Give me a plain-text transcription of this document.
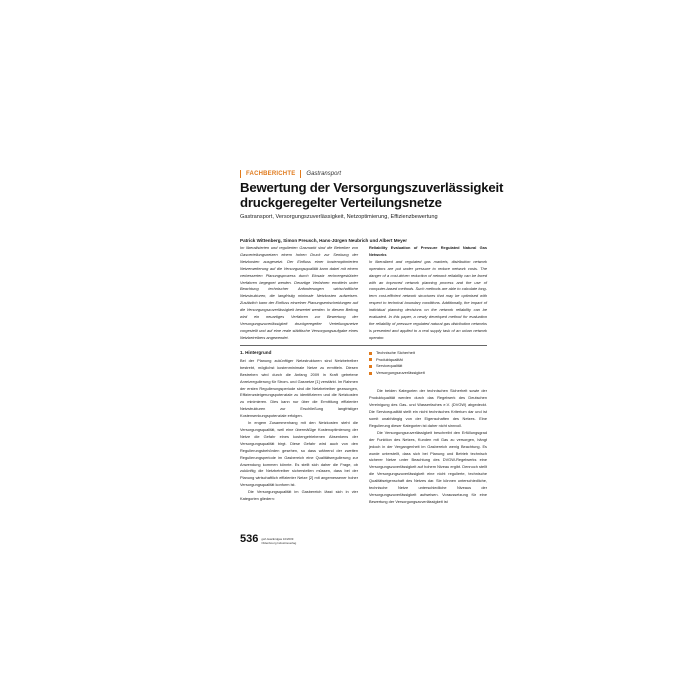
FACHBERICHTE Gastransport
Bewertung der Versorgungszuverlässigkeit druckgeregelter Verteilungsnetze
Gastransport, Versorgungszuverlässigkeit, Netzoptimierung, Effizienzbewertung
Patrick Wittenberg, Simon Preusch, Hans-Jürgen Neubrich und Albert Meyer
Im liberalisierten und regulierten Gasmarkt sind die Betreiber von Gasverteilungsnetzen einem hohen Druck zur Senkung der Netzkosten ausgesetzt. Der Einfluss einer kostenoptimierten Netzerweiterung auf die Versorgungsqualität kann dabei mit einem verbesserten Planungsprozess durch Einsatz rechnergestützter Verfahren begegnet werden. Derartige Verfahren ermitteln unter Beachtung technischer Anforderungen wirtschaftliche Netzstrukturen, die langfristig minimale Netzkosten aufweisen. Zusätzlich kann der Einfluss einzelner Planungsentscheidungen auf die Versorgungszuverlässigkeit bewertet werden. In diesem Beitrag wird ein neuartiges Verfahren zur Bewertung der Versorgungszuverlässigkeit druckgeregelter Verteilungsnetze vorgestellt und auf eine reale städtische Versorgungsaufgabe eines Netzbetreibers angewendet.
Reliability Evaluation of Pressure Regulated Natural Gas Networks
In liberalized and regulated gas markets, distribution network operators are put under pressure to reduce network costs. The danger of a cost-driven reduction of network reliability can be faced with an improved network planning process and the use of computer-based methods. Such methods are able to calculate long-term cost-efficient network structures that may be optimised with respect to technical boundary conditions. Additionally, the impact of individual planning decisions on the network reliability can be evaluated. In this paper, a newly developed method for evaluation the reliability of pressure regulated natural gas distribution networks is presented and applied to a real supply task of an urban network operator.
1. Hintergrund

Bei der Planung zukünftiger Netzstrukturen sind Netzbetreiber bestrebt, möglichst kostenminimale Netze zu ermitteln. Diesen Bestreben wird durch die Anfang 2009 in Kraft getretene Anreizregulierung für Strom- und Gasnetze [1] verstärkt. Im Rahmen der ersten Regulierungsperiode sind die Netzbetreiber gezwungen, Effizienzsteigerungspotenziale zu identifizieren und die Netzkosten zu minimieren. Dies kann nur über die Ermittlung effizienter Netzstrukturen zur Erschließung langfristiger Kostensenkungspotenziale erfolgen.

In engem Zusammenhang mit den Netzkosten steht die Versorgungsqualität, weil eine übermäßige Kostenoptimierung der Netze die Gefahr eines kostengetriebenen Absenkens der Versorgungsqualität birgt. Diese Gefahr wird auch von den Regulierungsbehörden gesehen, so dass während der zweiten Regulierungsperiode im Gasbereich eine Qualitätsregulierung zur Anwendung kommen könnte. Es stellt sich daher die Frage, ob zukünftig die Netzbetreiber sicherstellen müssen, dass bei der Planung wirtschaftlich effizienter Netze [2] mit angemessener hoher Versorgungsqualität konform ist.

Die Versorgungsqualität im Gasbereich lässt sich in vier Kategorien gliedern:

Technische Sicherheit
Produktqualität
Servicequalität
Versorgungszuverlässigkeit

Die beiden Kategorien der technischen Sicherheit sowie der Produktqualität werden durch das Regelwerk des Deutschen Vereinigung des Gas- und Wasserfaches e.V. (DVGW) abgedeckt. Die Servicequalität stellt ein nicht technisches Kriterium dar und ist somit unabhängig von der Eigenschaften des Netzes. Eine Regulierung dieser Kategorien ist daher nicht sinnvoll.

Die Versorgungszuverlässigkeit beschreibt den Erfüllungsgrad der Funktion des Netzes, Kunden mit Gas zu versorgen, hängt jedoch in der Vergangenheit im Gasbereich wenig Beachtung. Es wurde unterstellt, dass sich bei Planung und Betrieb technisch sicherer Netze unter Beachtung des DVGW-Regelwerks eine Versorgungszuverlässigkeit auf hohem Niveau ergibt. Dennoch stellt die Versorgungszuverlässigkeit eine nicht regulierte, technische Qualitätseigenschaft des Netzes dar. Sie können unterschiedliche, technische Netze unterschiedliche Niveaus der Versorgungszuverlässigkeit aufweisen. Voraussetzung für eine Bewertung der Versorgungszuverlässigkeit ist

536 gwf-Gas/Erdgas 10/2009
Oldenbourg Industrieverlag
